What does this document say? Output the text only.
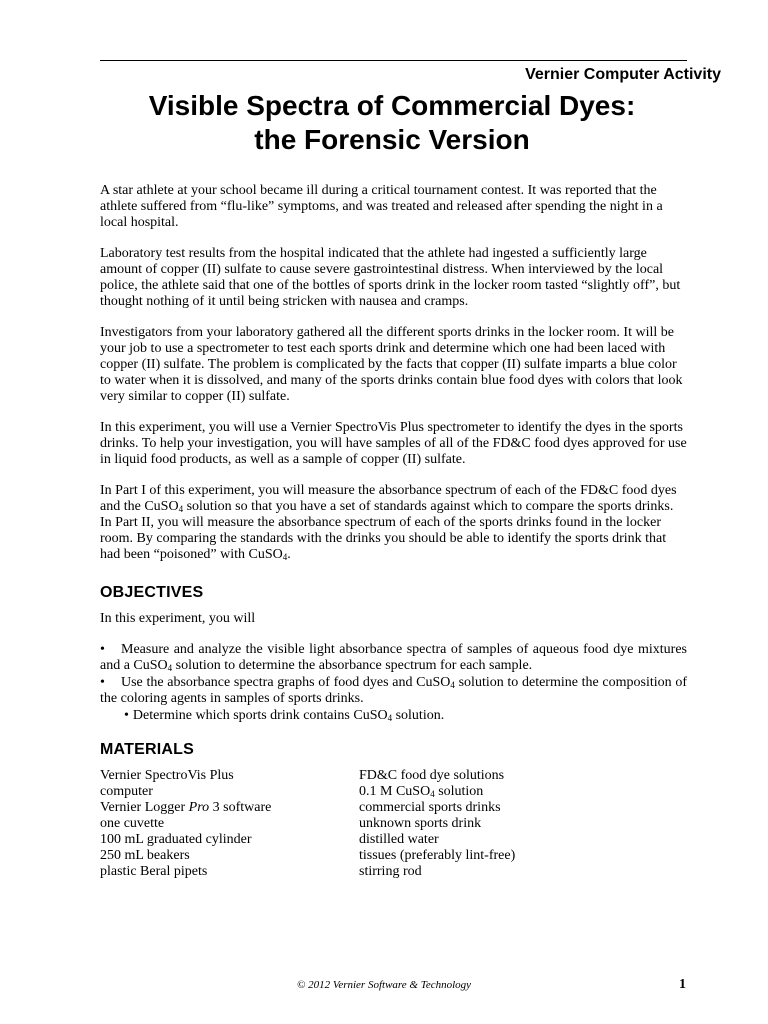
Vernier Computer Activity
Visible Spectra of Commercial Dyes:
the Forensic Version

A star athlete at your school became ill during a critical tournament contest. It was reported that the athlete suffered from “flu-like” symptoms, and was treated and released after spending the night in a local hospital.

Laboratory test results from the hospital indicated that the athlete had ingested a sufficiently large amount of copper (II) sulfate to cause severe gastrointestinal distress. When interviewed by the local police, the athlete said that one of the bottles of sports drink in the locker room tasted “slightly off”, but thought nothing of it until being stricken with nausea and cramps.

Investigators from your laboratory gathered all the different sports drinks in the locker room. It will be your job to use a spectrometer to test each sports drink and determine which one had been laced with copper (II) sulfate. The problem is complicated by the facts that copper (II) sulfate imparts a blue color to water when it is dissolved, and many of the sports drinks contain blue food dyes with colors that look very similar to copper (II) sulfate.

In this experiment, you will use a Vernier SpectroVis Plus spectrometer to identify the dyes in the sports drinks. To help your investigation, you will have samples of all of the FD&C food dyes approved for use in liquid food products, as well as a sample of copper (II) sulfate.

In Part I of this experiment, you will measure the absorbance spectrum of each of the FD&C food dyes and the CuSO$_4$ solution so that you have a set of standards against which to compare the sports drinks. In Part II, you will measure the absorbance spectrum of each of the sports drinks found in the locker room. By comparing the standards with the drinks you should be able to identify the sports drink that had been “poisoned” with CuSO$_4$.

OBJECTIVES

In this experiment, you will

• Measure and analyze the visible light absorbance spectra of samples of aqueous food dye mixtures and a CuSO$_4$ solution to determine the absorbance spectrum for each sample.
• Use the absorbance spectra graphs of food dyes and CuSO$_4$ solution to determine the composition of the coloring agents in samples of sports drinks.
• Determine which sports drink contains CuSO$_4$ solution.
MATERIALS
Vernier SpectroVis Plus
computer
Vernier Logger Pro 3 software
one cuvette
100 mL graduated cylinder
250 mL beakers
plastic Beral pipets
FD&C food dye solutions
0.1 M CuSO$_4$ solution
commercial sports drinks
unknown sports drink
distilled water
tissues (preferably lint-free)
stirring rod
© 2012 Vernier Software & Technology	1
